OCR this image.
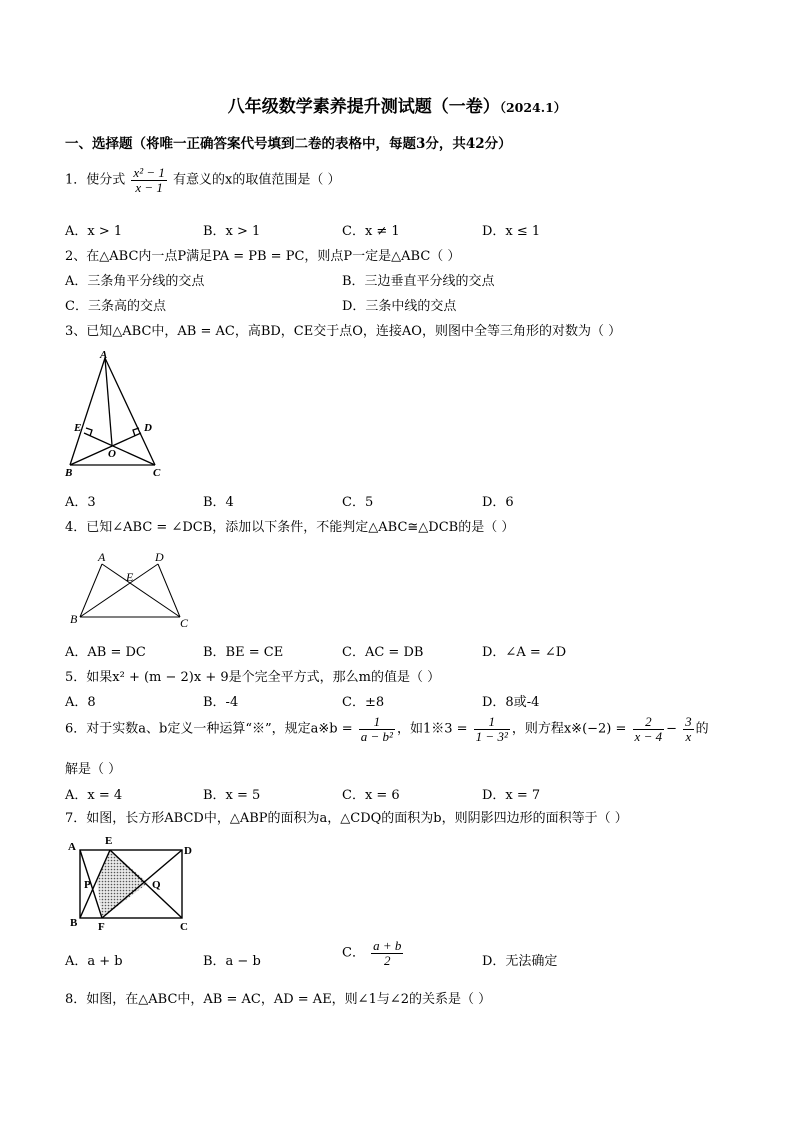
八年级数学素养提升测试题（一卷）（2024.1）
一、选择题（将唯一正确答案代号填到二卷的表格中，每题3分，共42分）
1．使分式 $\frac{\text{x² − 1}}{x - 1}$ 有意义的x的取值范围是（ ）
A．x > 1	B．x > 1	C．x ≠ 1	D．x ≤ 1
2、在△ABC内一点P满足PA = PB = PC，则点P一定是△ABC（ ）
A．三条角平分线的交点	B．三边垂直平分线的交点
C．三条高的交点	D．三条中线的交点
3、已知△ABC中，AB = AC，高BD，CE交于点O，连接AO，则图中全等三角形的对数为（ ）
A
E	D
O
B	C
A．3	B．4	C．5	D．6
4．已知∠ABC = ∠DCB，添加以下条件，不能判定△ABC≅△DCB的是（ ）
A
E
D
B	C
A．AB = DC	B．BE = CE	C．AC = DB	D．∠A = ∠D
5．如果x² + (m − 2)x + 9是个完全平方式，那么m的值是（ ）
A．8	B．-4	C．±8	D．8或-4
6．对于实数a、b定义一种运算“※”，规定a※b = $\frac{1}{\text{a − b²}}$ ，如1※3 = $\frac{1}{\text{1 − 3²}}$ ，则方程x※(−2) = $\frac{2}{x - 4} - \frac{3}{x}$ 的
解是（ ）
A．x = 4	B．x = 5	C．x = 6	D．x = 7
7．如图，长方形ABCD中，△ABP的面积为a，△CDQ的面积为b，则阴影四边形的面积等于（ ）
A	E
D
P	Q
B F	C
A．a + b	B．a − b
C． $\frac{a + b}{2}$	D．无法确定
8．如图，在△ABC中，AB = AC，AD = AE，则∠1与∠2的关系是（ ）
